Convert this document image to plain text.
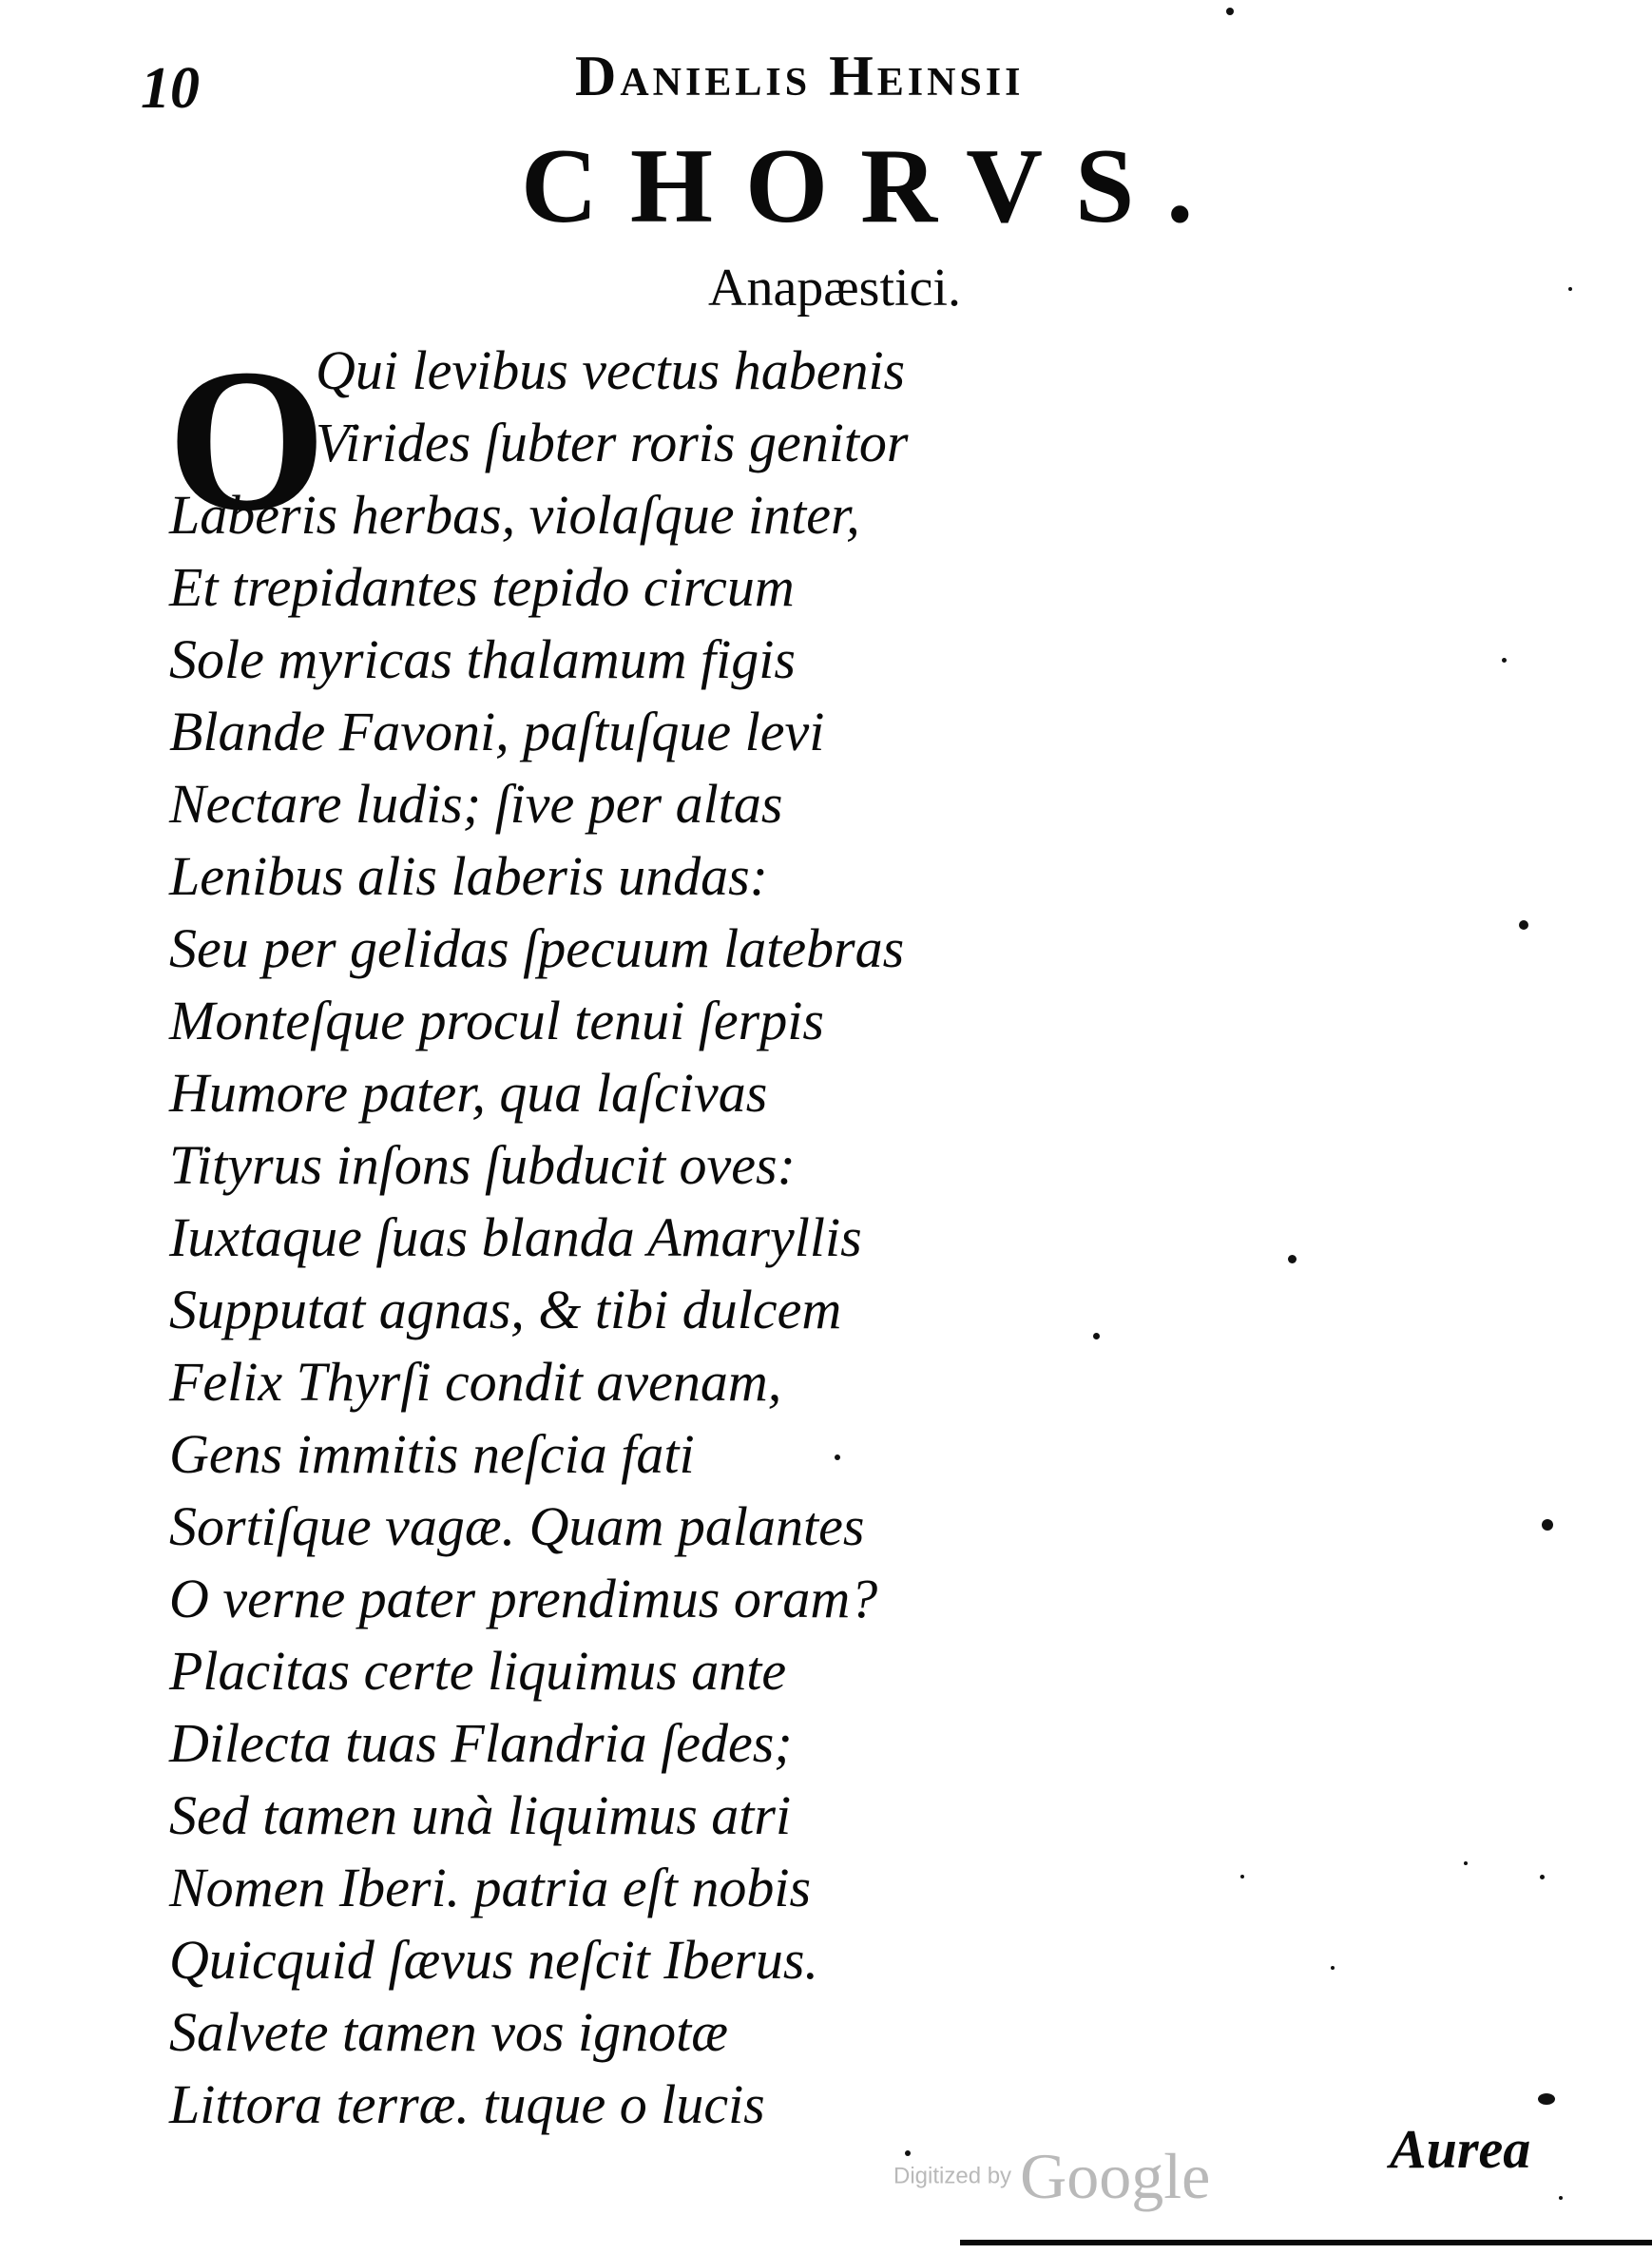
10	Danielis Heinsii
CHORVS.
Anapæstici.
O
Qui levibus vectus habenis
Virides ſubter roris genitor
Laberis herbas, violaſque inter,
Et trepidantes tepido circum
Sole myricas thalamum figis
Blande Favoni, paſtuſque levi
Nectare ludis; ſive per altas
Lenibus alis laberis undas:
Seu per gelidas ſpecuum latebras
Monteſque procul tenui ſerpis
Humore pater, qua laſcivas
Tityrus inſons ſubducit oves:
Iuxtaque ſuas blanda Amaryllis
Supputat agnas, & tibi dulcem
Felix Thyrſi condit avenam,
Gens immitis neſcia fati
Sortiſque vagæ. Quam palantes
O verne pater prendimus oram?
Placitas certe liquimus ante
Dilecta tuas Flandria ſedes;
Sed tamen unà liquimus atri
Nomen Iberi. patria eſt nobis
Quicquid ſævus neſcit Iberus.
Salvete tamen vos ignotæ
Littora terræ. tuque o lucis
Aurea
Digitized by Google
